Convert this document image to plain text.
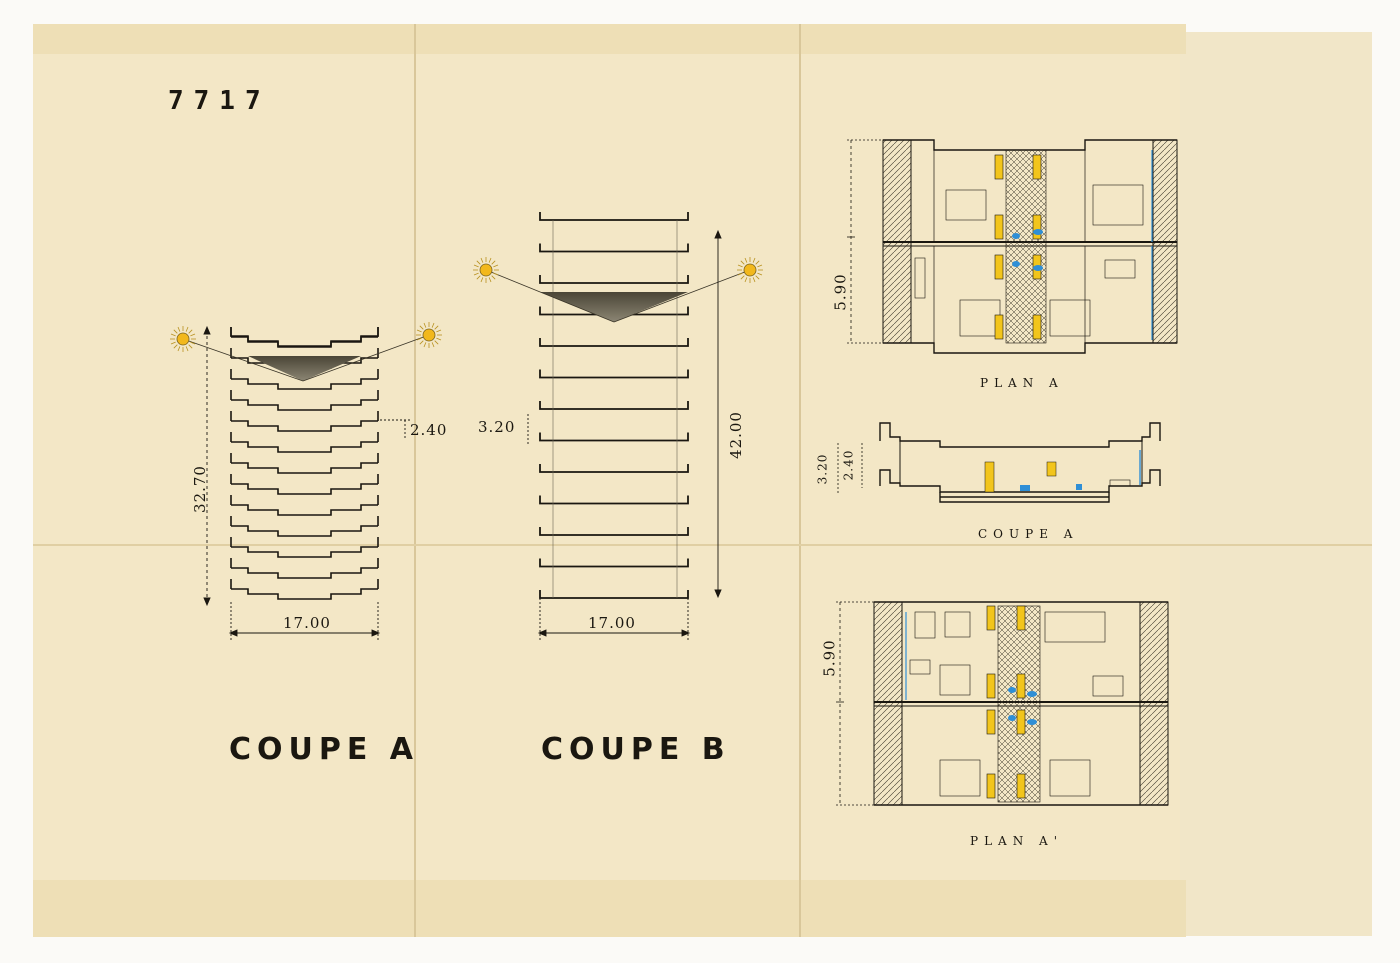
7717
COUPE A	COUPE B
17.00
32.70
2.40
17.00
42.00
3.20
5.90
PLAN A
3.20 2.40
COUPE A
5.90
PLAN A'
